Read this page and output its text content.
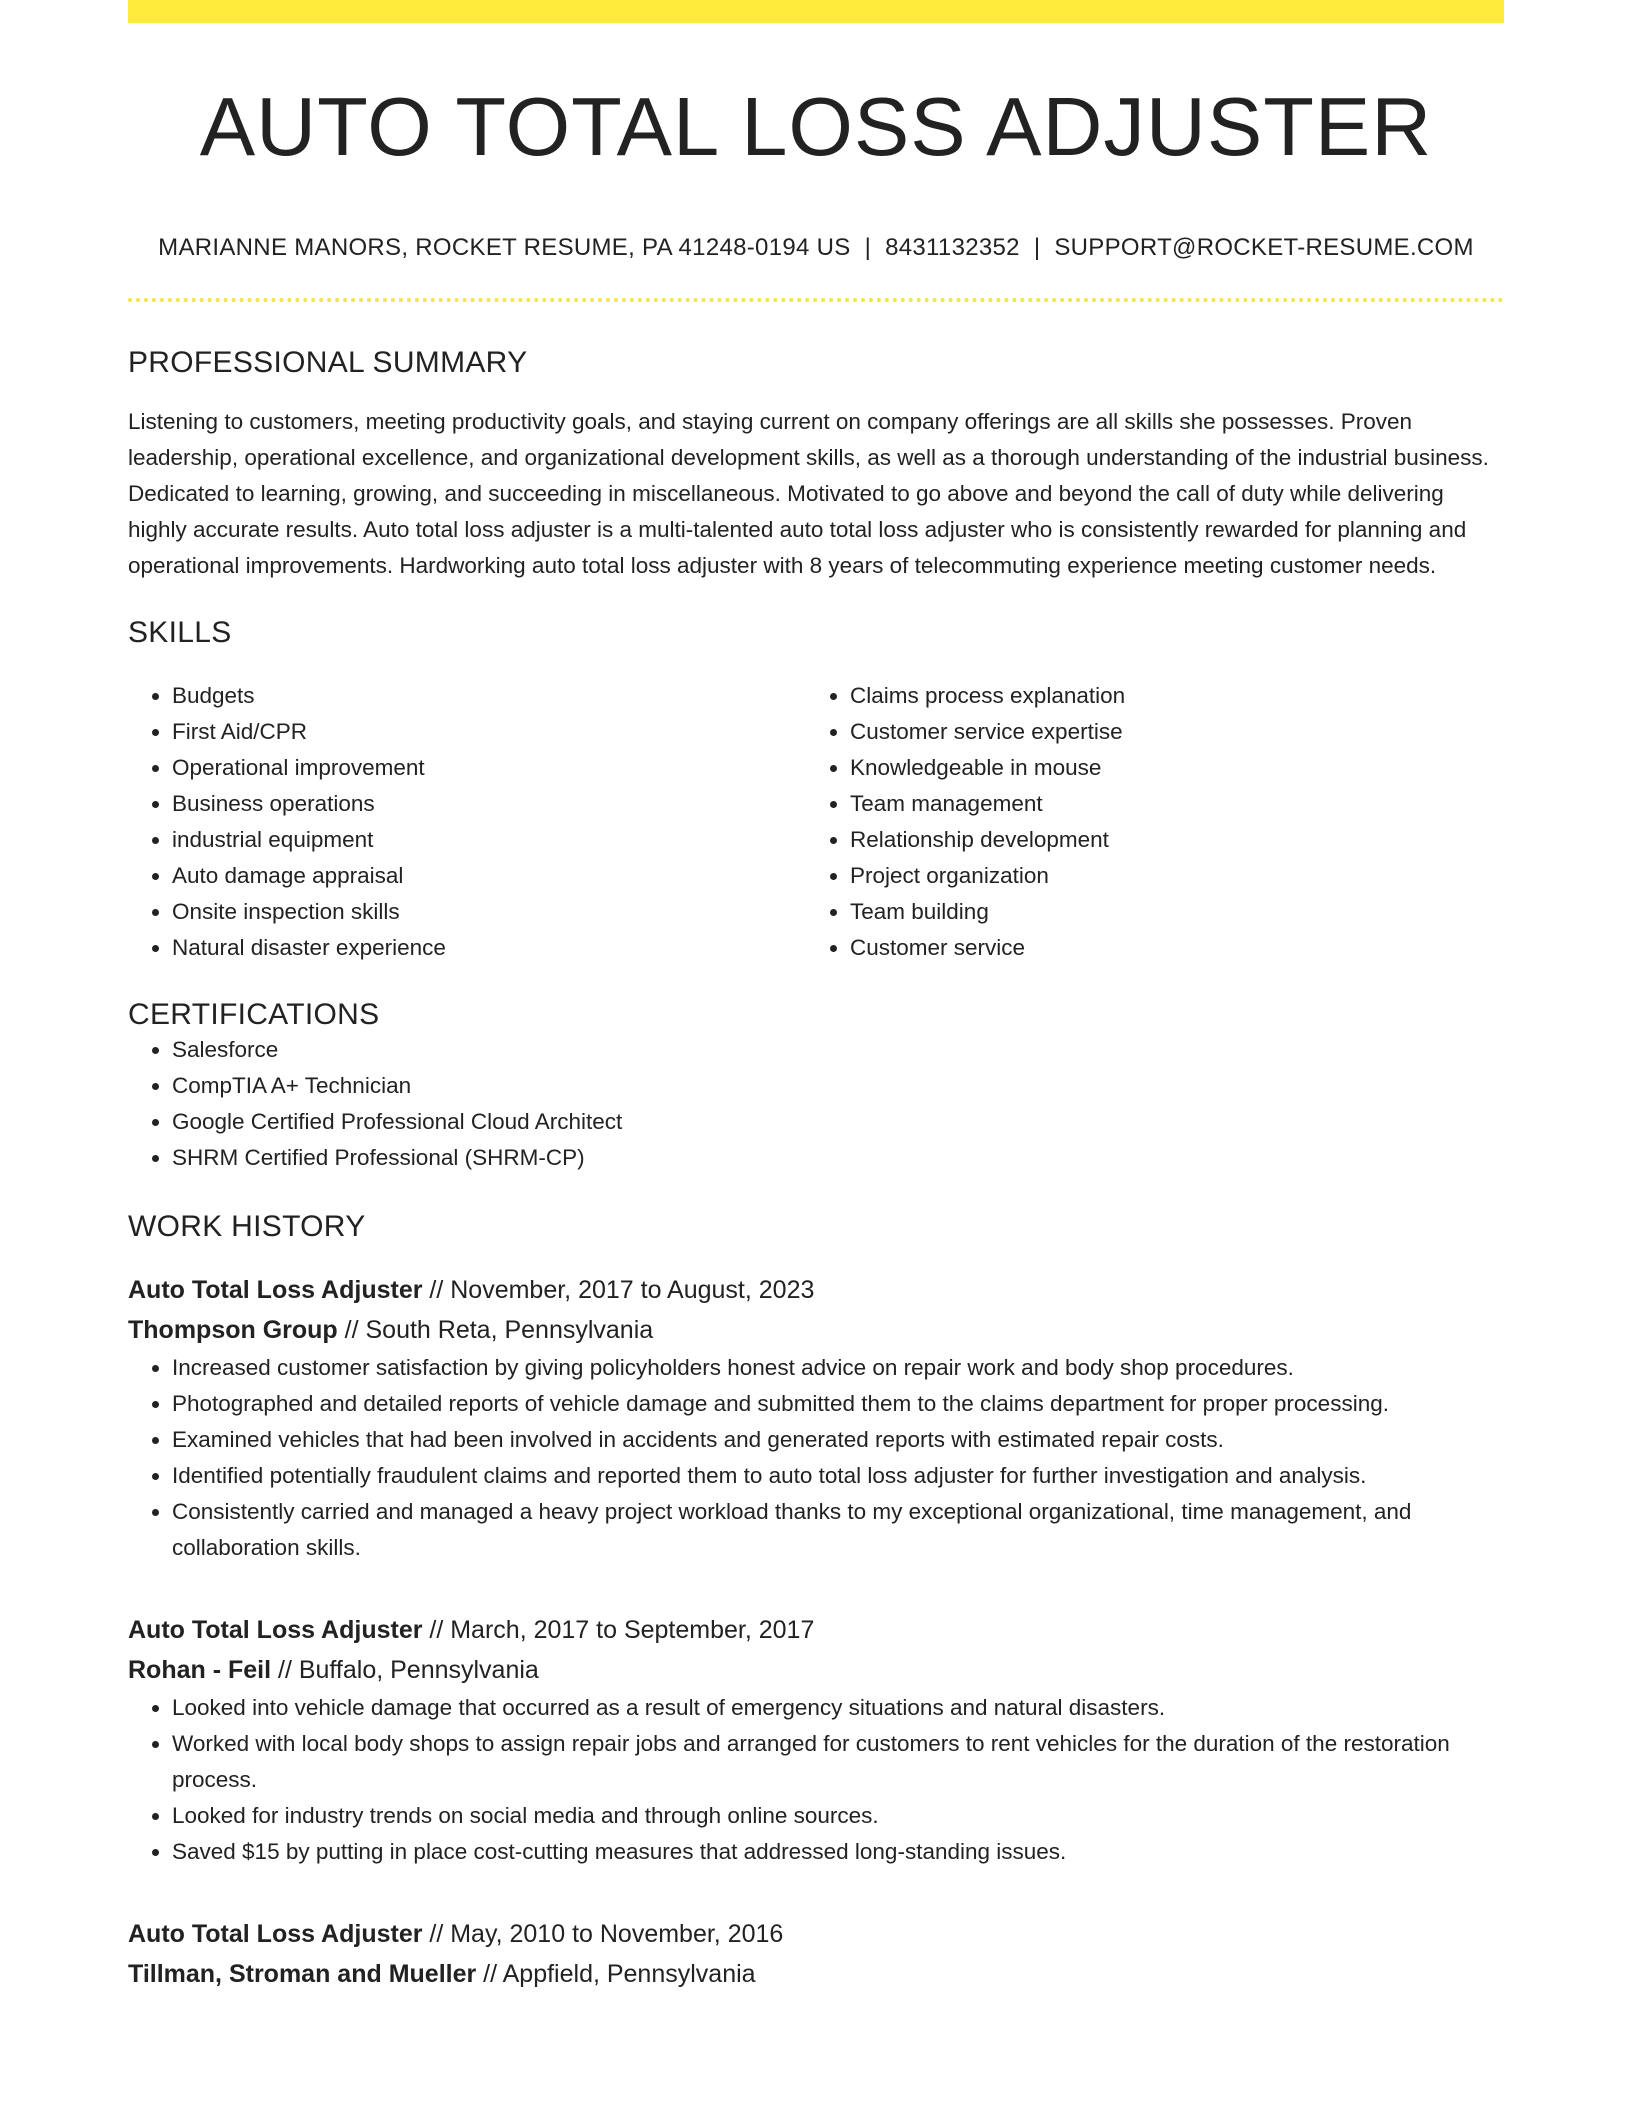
AUTO TOTAL LOSS ADJUSTER
MARIANNE MANORS, ROCKET RESUME, PA 41248-0194 US | 8431132352 | SUPPORT@ROCKET-RESUME.COM
PROFESSIONAL SUMMARY

Listening to customers, meeting productivity goals, and staying current on company offerings are all skills she possesses. Proven leadership, operational excellence, and organizational development skills, as well as a thorough understanding of the industrial business. Dedicated to learning, growing, and succeeding in miscellaneous. Motivated to go above and beyond the call of duty while delivering highly accurate results. Auto total loss adjuster is a multi-talented auto total loss adjuster who is consistently rewarded for planning and operational improvements. Hardworking auto total loss adjuster with 8 years of telecommuting experience meeting customer needs.

SKILLS
• Budgets
• First Aid/CPR
• Operational improvement
• Business operations
• industrial equipment
• Auto damage appraisal
• Onsite inspection skills
• Natural disaster experience
• Claims process explanation
• Customer service expertise
• Knowledgeable in mouse
• Team management
• Relationship development
• Project organization
• Team building
• Customer service
CERTIFICATIONS
• Salesforce
• CompTIA A+ Technician
• Google Certified Professional Cloud Architect
• SHRM Certified Professional (SHRM-CP)
WORK HISTORY
Auto Total Loss Adjuster // November, 2017 to August, 2023
Thompson Group // South Reta, Pennsylvania
• Increased customer satisfaction by giving policyholders honest advice on repair work and body shop procedures.
• Photographed and detailed reports of vehicle damage and submitted them to the claims department for proper processing.
• Examined vehicles that had been involved in accidents and generated reports with estimated repair costs.
• Identified potentially fraudulent claims and reported them to auto total loss adjuster for further investigation and analysis.
• Consistently carried and managed a heavy project workload thanks to my exceptional organizational, time management, and collaboration skills.
Auto Total Loss Adjuster // March, 2017 to September, 2017
Rohan - Feil // Buffalo, Pennsylvania
• Looked into vehicle damage that occurred as a result of emergency situations and natural disasters.
• Worked with local body shops to assign repair jobs and arranged for customers to rent vehicles for the duration of the restoration process.
• Looked for industry trends on social media and through online sources.
• Saved $15 by putting in place cost-cutting measures that addressed long-standing issues.
Auto Total Loss Adjuster // May, 2010 to November, 2016
Tillman, Stroman and Mueller // Appfield, Pennsylvania
